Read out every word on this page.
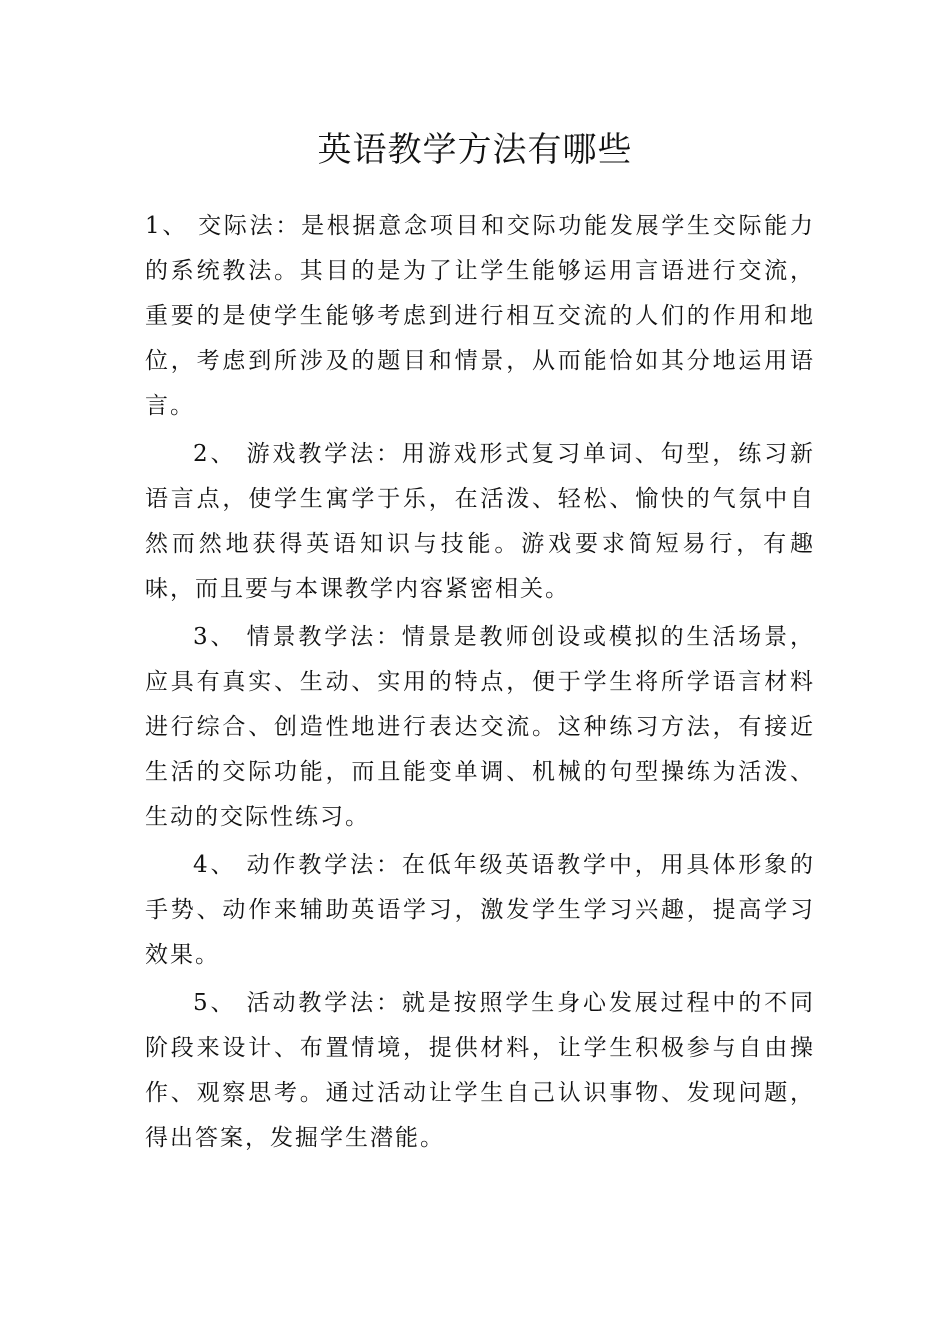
英语教学方法有哪些

1、 交际法：是根据意念项目和交际功能发展学生交际能力的系统教法。其目的是为了让学生能够运用言语进行交流，重要的是使学生能够考虑到进行相互交流的人们的作用和地位，考虑到所涉及的题目和情景，从而能恰如其分地运用语言。

2、 游戏教学法：用游戏形式复习单词、句型，练习新语言点，使学生寓学于乐，在活泼、轻松、愉快的气氛中自然而然地获得英语知识与技能。游戏要求简短易行，有趣味，而且要与本课教学内容紧密相关。

3、 情景教学法：情景是教师创设或模拟的生活场景，应具有真实、生动、实用的特点，便于学生将所学语言材料进行综合、创造性地进行表达交流。这种练习方法，有接近生活的交际功能，而且能变单调、机械的句型操练为活泼、生动的交际性练习。

4、 动作教学法：在低年级英语教学中，用具体形象的手势、动作来辅助英语学习，激发学生学习兴趣，提高学习效果。

5、 活动教学法：就是按照学生身心发展过程中的不同阶段来设计、布置情境，提供材料，让学生积极参与自由操作、观察思考。通过活动让学生自己认识事物、发现问题，得出答案，发掘学生潜能。
